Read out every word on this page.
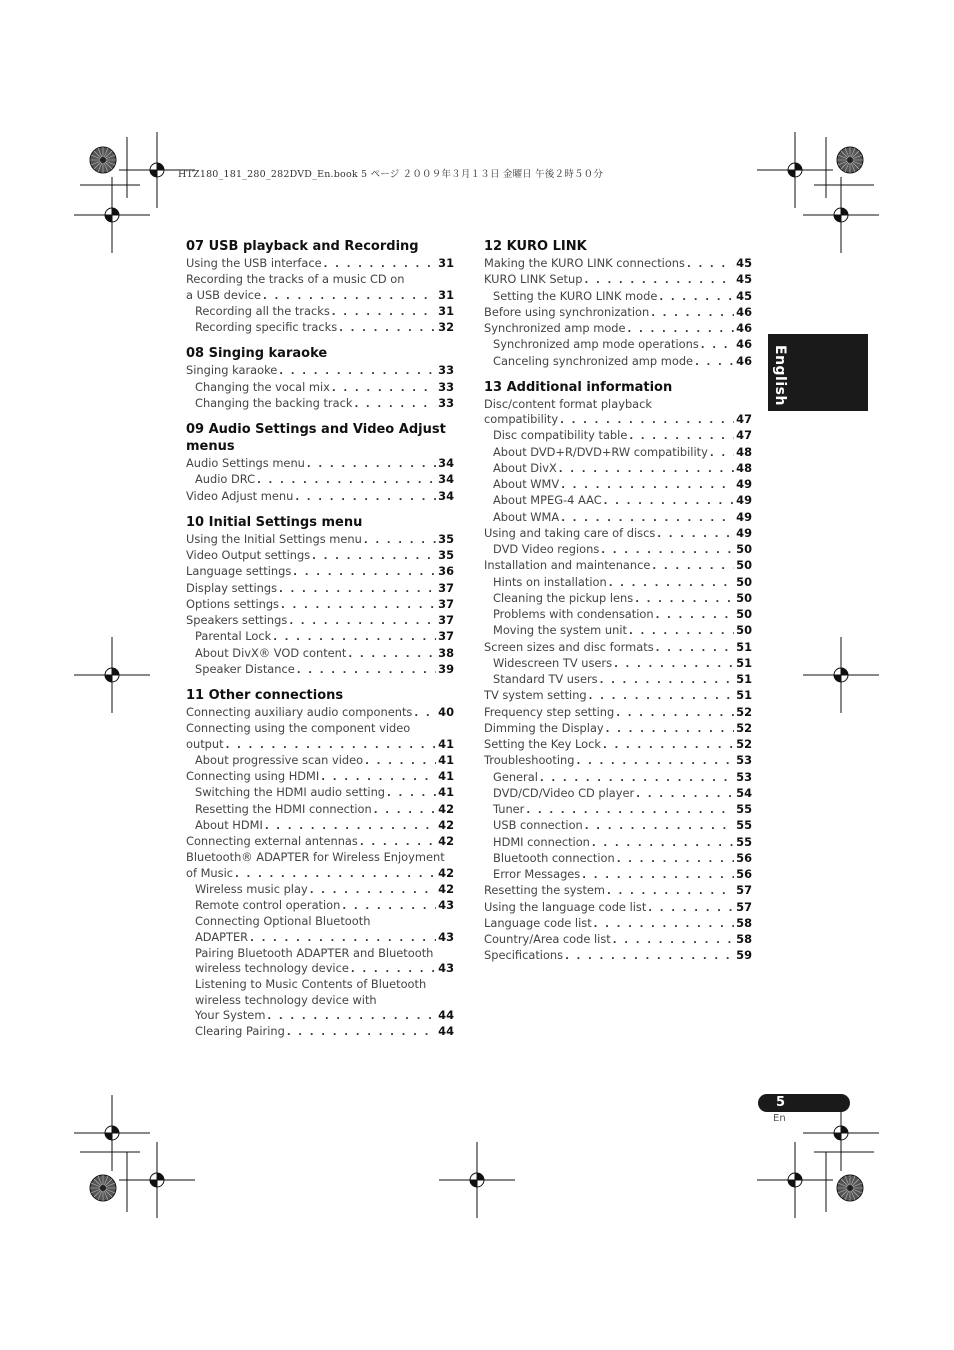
HTZ180_181_280_282DVD_En.book 5 ページ ２００９年３月１３日 金曜日 午後２時５０分
07 USB playback and Recording
Using the USB interface . . .	31
Recording the tracks of a music CD on
a USB device . . .	31
Recording all the tracks . . .	31
Recording specific tracks . . .	32
08 Singing karaoke
Singing karaoke . . .	33
Changing the vocal mix . . .	33
Changing the backing track . . .	33
09 Audio Settings and Video Adjust
menus
Audio Settings menu . . .	34
Audio DRC . . .	34
Video Adjust menu . . .	34
10 Initial Settings menu
Using the Initial Settings menu . . .	35
Video Output settings . . .	35
Language settings . . .	36
Display settings . . .	37
Options settings . . .	37
Speakers settings . . .	37
Parental Lock . . .	37
About DivX® VOD content . . .	38
Speaker Distance . . .	39
11 Other connections
Connecting auxiliary audio components . . . 40
Connecting using the component video
output . . .	41
About progressive scan video . . .	41
Connecting using HDMI . . .	41
Switching the HDMI audio setting . . .	41
Resetting the HDMI connection . . .	42
About HDMI . . .	42
Connecting external antennas . . .	42
Bluetooth® ADAPTER for Wireless Enjoyment
of Music . . .	42
Wireless music play . . .	42
Remote control operation . . .	43
Connecting Optional Bluetooth
ADAPTER . . .	43
Pairing Bluetooth ADAPTER and Bluetooth
wireless technology device . . .	43
Listening to Music Contents of Bluetooth
wireless technology device with
Your System . . .	44
Clearing Pairing . . .	44
12 KURO LINK
Making the KURO LINK connections . . .	45
KURO LINK Setup . . .	45
Setting the KURO LINK mode . . .	45
Before using synchronization . . .	46
Synchronized amp mode . . .	46
Synchronized amp mode operations . . .	46
Canceling synchronized amp mode . . .	46
13 Additional information
Disc/content format playback
compatibility . . .	47
Disc compatibility table . . .	47
About DVD+R/DVD+RW compatibility . . . 48
About DivX . . .	48
About WMV . . .	49
About MPEG-4 AAC . . .	49
About WMA . . .	49
Using and taking care of discs . . .	49
DVD Video regions . . .	50
Installation and maintenance . . .	50
Hints on installation . . .	50
Cleaning the pickup lens . . .	50
Problems with condensation . . .	50
Moving the system unit . . .	50
Screen sizes and disc formats . . .	51
Widescreen TV users . . .	51
Standard TV users . . .	51
TV system setting . . .	51
Frequency step setting . . .	52
Dimming the Display . . .	52
Setting the Key Lock . . .	52
Troubleshooting . . .	53
General . . .	53
DVD/CD/Video CD player . . .	54
Tuner . . .	55
USB connection . . .	55
HDMI connection . . .	55
Bluetooth connection . . .	56
Error Messages . . .	56
Resetting the system . . .	57
Using the language code list . . .	57
Language code list . . .	58
Country/Area code list . . .	58
Specifications . . .	59
English
5
En
